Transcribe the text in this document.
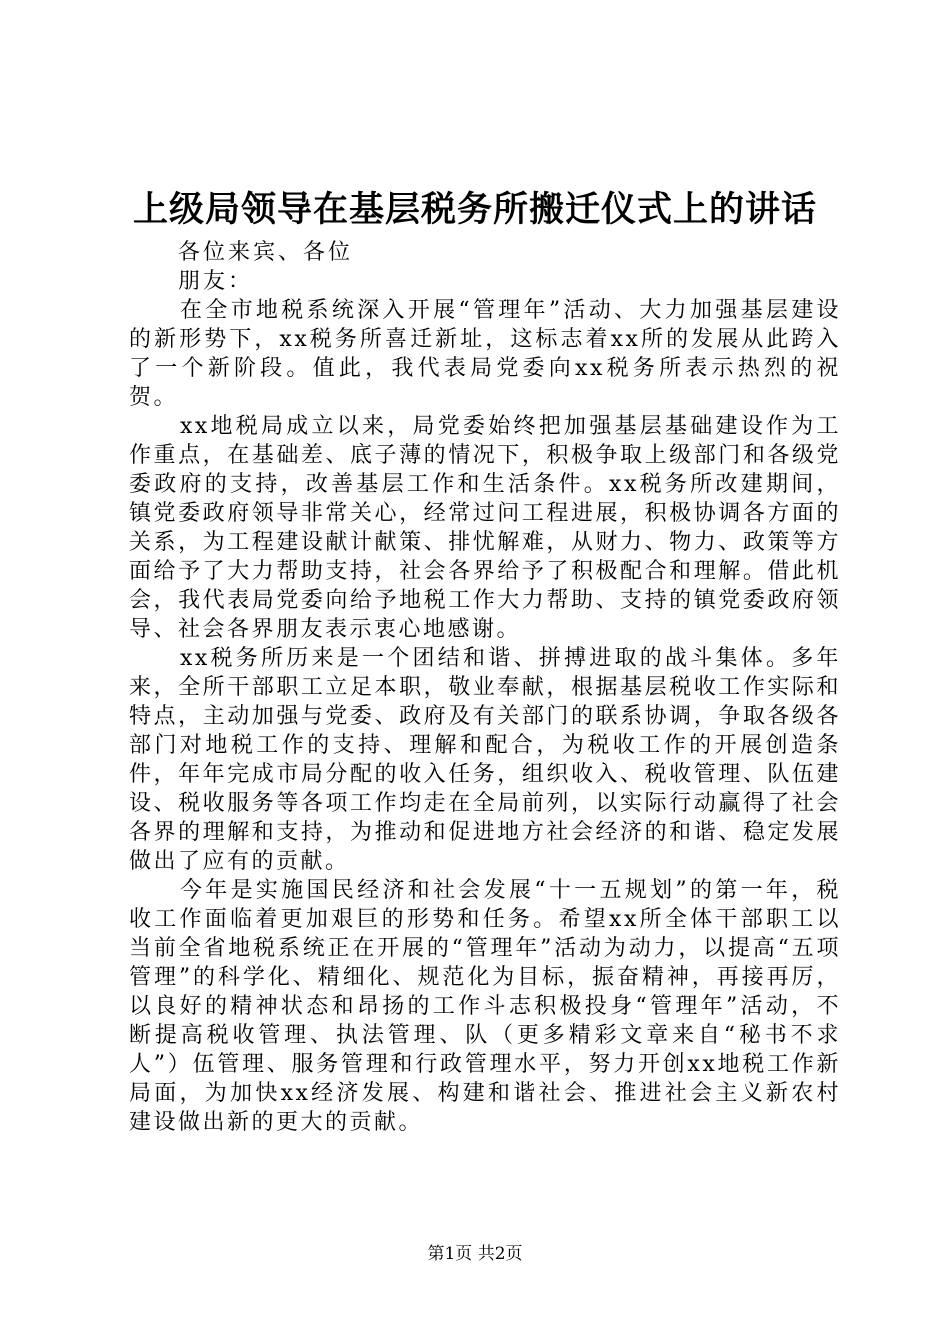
上级局领导在基层税务所搬迁仪式上的讲话
各位来宾、各位
朋友：

在全市地税系统深入开展“管理年”活动、大力加强基层建设的新形势下，xx税务所喜迁新址，这标志着xx所的发展从此跨入了一个新阶段。值此，我代表局党委向xx税务所表示热烈的祝贺。

xx地税局成立以来，局党委始终把加强基层基础建设作为工作重点，在基础差、底子薄的情况下，积极争取上级部门和各级党委政府的支持，改善基层工作和生活条件。xx税务所改建期间，镇党委政府领导非常关心，经常过问工程进展，积极协调各方面的关系，为工程建设献计献策、排忧解难，从财力、物力、政策等方面给予了大力帮助支持，社会各界给予了积极配合和理解。借此机会，我代表局党委向给予地税工作大力帮助、支持的镇党委政府领导、社会各界朋友表示衷心地感谢。

xx税务所历来是一个团结和谐、拼搏进取的战斗集体。多年来，全所干部职工立足本职，敬业奉献，根据基层税收工作实际和特点，主动加强与党委、政府及有关部门的联系协调，争取各级各部门对地税工作的支持、理解和配合，为税收工作的开展创造条件，年年完成市局分配的收入任务，组织收入、税收管理、队伍建设、税收服务等各项工作均走在全局前列，以实际行动赢得了社会各界的理解和支持，为推动和促进地方社会经济的和谐、稳定发展做出了应有的贡献。

今年是实施国民经济和社会发展“十一五规划”的第一年，税收工作面临着更加艰巨的形势和任务。希望xx所全体干部职工以当前全省地税系统正在开展的“管理年”活动为动力，以提高“五项管理”的科学化、精细化、规范化为目标，振奋精神，再接再厉，以良好的精神状态和昂扬的工作斗志积极投身“管理年”活动，不断提高税收管理、执法管理、队（更多精彩文章来自“秘书不求人”）伍管理、服务管理和行政管理水平，努力开创xx地税工作新局面，为加快xx经济发展、构建和谐社会、推进社会主义新农村建设做出新的更大的贡献。

第1页 共2页
